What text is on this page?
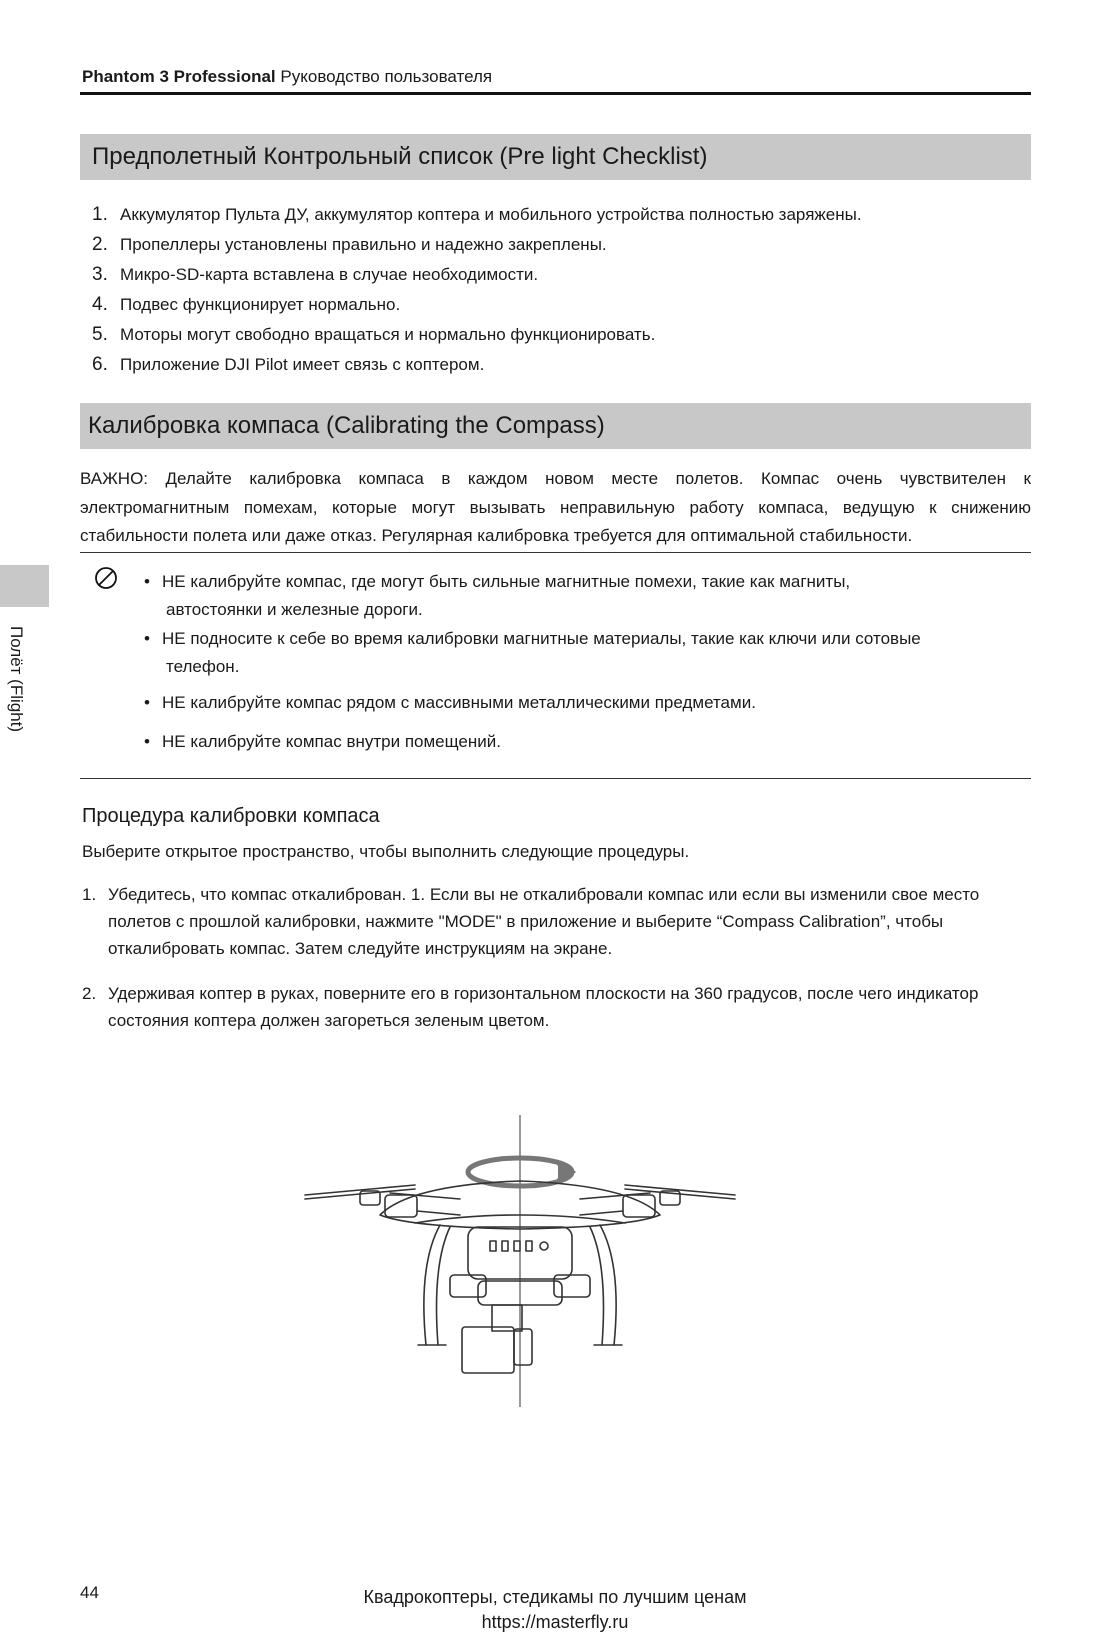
Phantom 3 Professional Руководство пользователя
Предполетный Контрольный список (Pre light Checklist)
1. Аккумулятор Пульта ДУ, аккумулятор коптера и мобильного устройства полностью заряжены.
2. Пропеллеры установлены правильно и надежно закреплены.
3. Микро-SD-карта вставлена в случае необходимости.
4. Подвес функционирует нормально.
5. Моторы могут свободно вращаться и нормально функционировать.
6. Приложение DJI Pilot имеет связь с коптером.
Калибровка компаса (Calibrating the Compass)

ВАЖНО: Делайте калибровка компаса в каждом новом месте полетов. Компас очень чувствителен к электромагнитным помехам, которые могут вызывать неправильную работу компаса, ведущую к снижению стабильности полета или даже отказ. Регулярная калибровка требуется для оптимальной стабильности.

• НЕ калибруйте компас, где могут быть сильные магнитные помехи, такие как магниты,
автостоянки и железные дороги.
• НЕ подносите к себе во время калибровки магнитные материалы, такие как ключи или сотовые
телефон.
• НЕ калибруйте компас рядом с массивными металлическими предметами.
• НЕ калибруйте компас внутри помещений.
Полёт (Flight)
Процедура калибровки компаса
Выберите открытое пространство, чтобы выполнить следующие процедуры.
1. Убедитесь, что компас откалиброван. 1. Если вы не откалибровали компас или если вы изменили свое место полетов с прошлой калибровки, нажмите "MODE" в приложение и выберите “Compass Calibration”, чтобы откалибровать компас. Затем следуйте инструкциям на экране.
2. Удерживая коптер в руках, поверните его в горизонтальном плоскости на 360 градусов, после чего индикатор состояния коптера должен загореться зеленым цветом.
44	Квадрокоптеры, стедикамы по лучшим ценам
https://masterfly.ru
